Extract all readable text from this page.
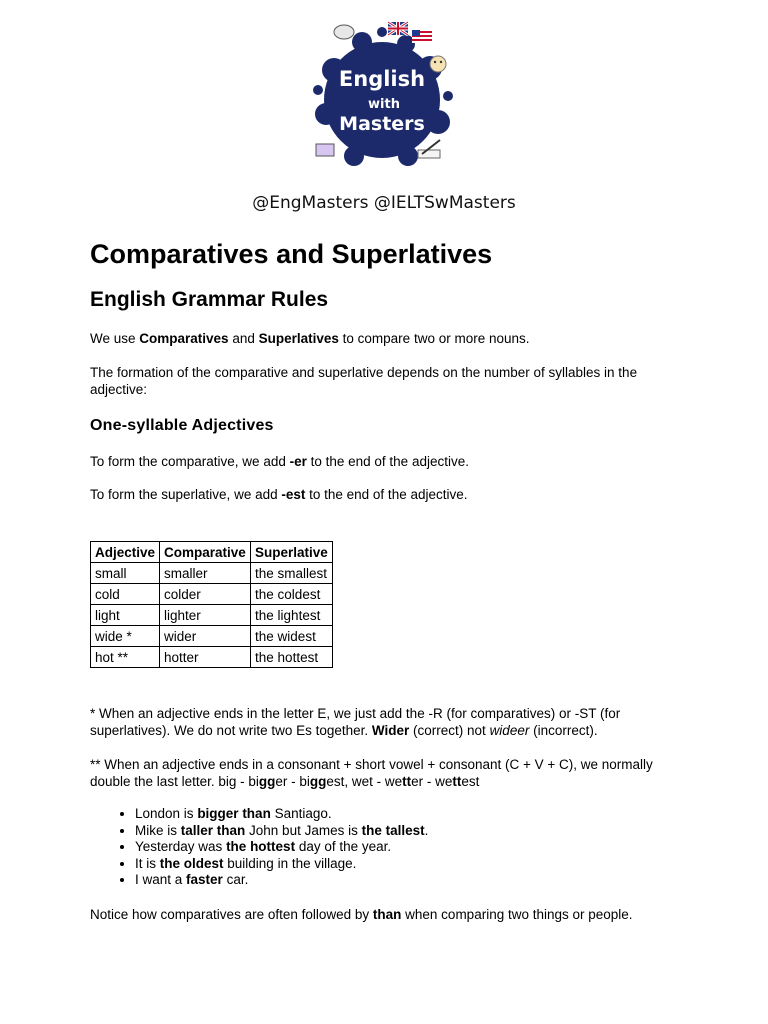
English
with
Masters
@EngMasters @IELTSwMasters
Comparatives and Superlatives
English Grammar Rules

We use Comparatives and Superlatives to compare two or more nouns.

The formation of the comparative and superlative depends on the number of syllables in the adjective:

One-syllable Adjectives

To form the comparative, we add -er to the end of the adjective.

To form the superlative, we add -est to the end of the adjective.

Adjective	Comparative	Superlative
small	smaller	the smallest
cold	colder	the coldest
light	lighter	the lightest
wide *	wider	the widest
hot **	hotter	the hottest

* When an adjective ends in the letter E, we just add the -R (for comparatives) or -ST (for superlatives). We do not write two Es together. Wider (correct) not wideer (incorrect).

** When an adjective ends in a consonant + short vowel + consonant (C + V + C), we normally double the last letter. big - bigger - biggest, wet - wetter - wettest

• London is bigger than Santiago.
• Mike is taller than John but James is the tallest.
• Yesterday was the hottest day of the year.
• It is the oldest building in the village.
• I want a faster car.

Notice how comparatives are often followed by than when comparing two things or people.
